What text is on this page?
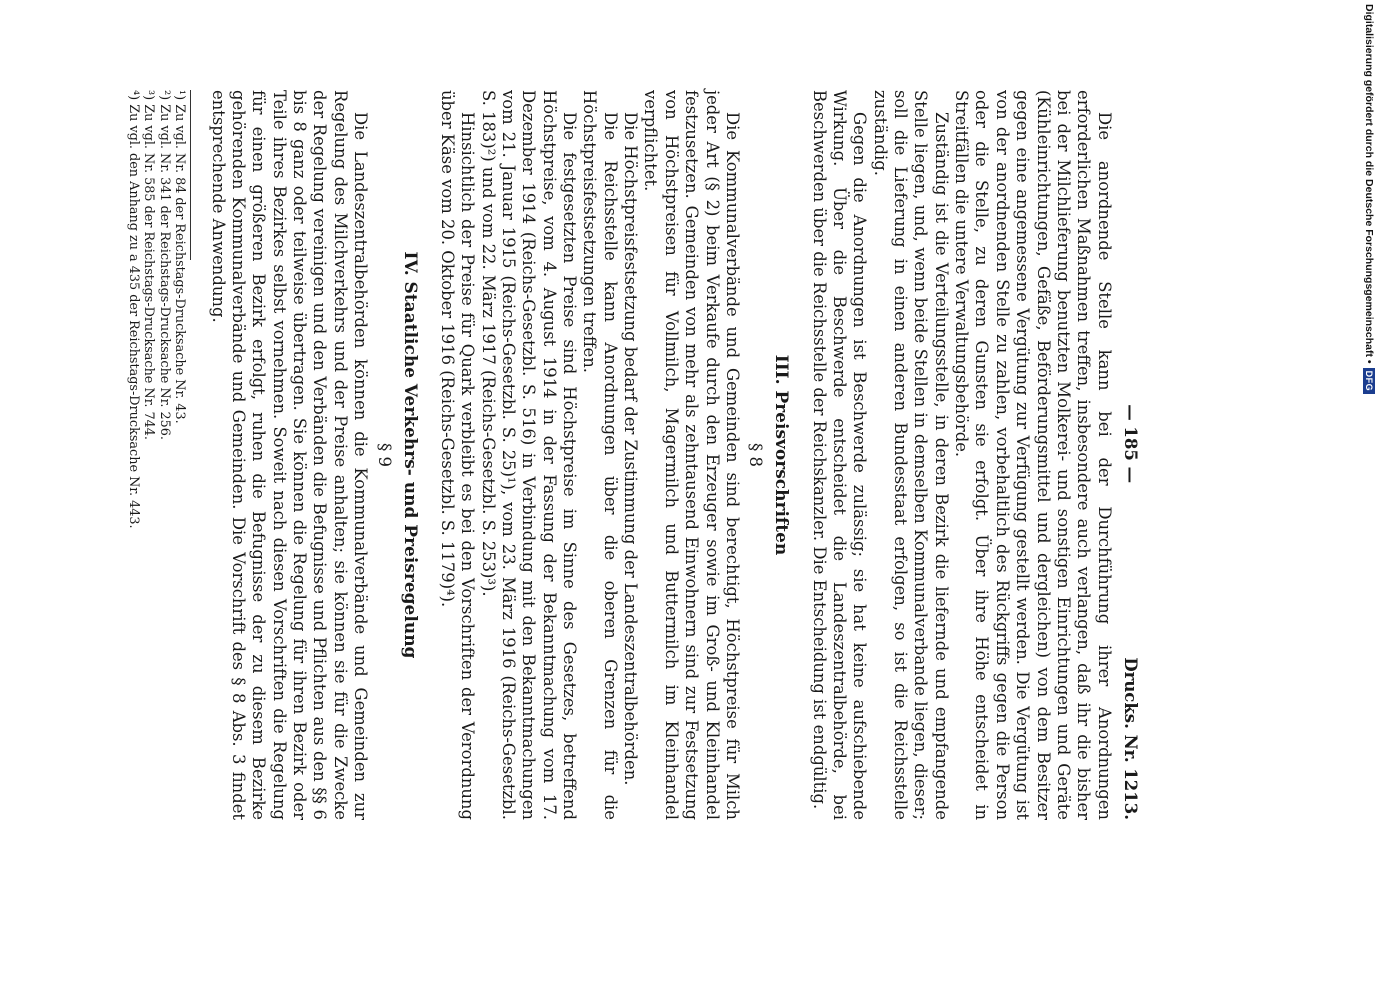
— 185 —
Drucks. Nr. 1213.

Die anordnende Stelle kann bei der Durchführung ihrer Anordnungen erforderlichen Maßnahmen treffen, insbesondere auch verlangen, daß ihr die bisher bei der Milchlieferung benutzten Molkerei- und sonstigen Einrichtungen und Geräte (Kühleinrichtungen, Gefäße, Beförderungsmittel und dergleichen) von dem Besitzer gegen eine angemessene Vergütung zur Verfügung gestellt werden. Die Vergütung ist von der anordnenden Stelle zu zahlen, vorbehaltlich des Rückgriffs gegen die Person oder die Stelle, zu deren Gunsten sie erfolgt. Über ihre Höhe entscheidet in Streitfällen die untere Verwaltungsbehörde.

Zuständig ist die Verteilungsstelle, in deren Bezirk die liefernde und empfangende Stelle liegen, und, wenn beide Stellen in demselben Kommunalverbande liegen, dieser; soll die Lieferung in einen anderen Bundesstaat erfolgen, so ist die Reichsstelle zuständig.

Gegen die Anordnungen ist Beschwerde zulässig; sie hat keine aufschiebende Wirkung. Über die Beschwerde entscheidet die Landeszentralbehörde, bei Beschwerden über die Reichsstelle der Reichskanzler. Die Entscheidung ist endgültig.

III. Preisvorschriften
§ 8

Die Kommunalverbände und Gemeinden sind berechtigt, Höchstpreise für Milch jeder Art (§ 2) beim Verkaufe durch den Erzeuger sowie im Groß- und Kleinhandel festzusetzen. Gemeinden von mehr als zehntausend Einwohnern sind zur Festsetzung von Höchstpreisen für Vollmilch, Magermilch und Buttermilch im Kleinhandel verpflichtet.

Die Höchstpreisfestsetzung bedarf der Zustimmung der Landeszentralbehörden.

Die Reichsstelle kann Anordnungen über die oberen Grenzen für die Höchstpreisfestsetzungen treffen.

Die festgesetzten Preise sind Höchstpreise im Sinne des Gesetzes, betreffend Höchstpreise, vom 4. August 1914 in der Fassung der Bekanntmachung vom 17. Dezember 1914 (Reichs-Gesetzbl. S. 516) in Verbindung mit den Bekanntmachungen vom 21. Januar 1915 (Reichs-Gesetzbl. S. 25)¹), vom 23. März 1916 (Reichs-Gesetzbl. S. 183)²) und vom 22. März 1917 (Reichs-Gesetzbl. S. 253)³).

Hinsichtlich der Preise für Quark verbleibt es bei den Vorschriften der Verordnung über Käse vom 20. Oktober 1916 (Reichs-Gesetzbl. S. 1179)⁴).

IV. Staatliche Verkehrs- und Preisregelung
§ 9

Die Landeszentralbehörden können die Kommunalverbände und Gemeinden zur Regelung des Milchverkehrs und der Preise anhalten; sie können sie für die Zwecke der Regelung vereinigen und den Verbänden die Befugnisse und Pflichten aus den §§ 6 bis 8 ganz oder teilweise übertragen. Sie können die Regelung für ihren Bezirk oder Teile ihres Bezirkes selbst vornehmen. Soweit nach diesen Vorschriften die Regelung für einen größeren Bezirk erfolgt, ruhen die Befugnisse der zu diesem Bezirke gehörenden Kommunalverbände und Gemeinden. Die Vorschrift des § 8 Abs. 3 findet entsprechende Anwendung.

¹) Zu vgl. Nr. 84 der Reichstags-Drucksache Nr. 43.

²) Zu vgl. Nr. 341 der Reichstags-Drucksache Nr. 256.

³) Zu vgl. Nr. 585 der Reichstags-Drucksache Nr. 744.

⁴) Zu vgl. den Anhang zu a 435 der Reichstags-Drucksache Nr. 443.	Digitalisierung gefördert durch die Deutsche Forschungsgemeinschaft •
DFG
